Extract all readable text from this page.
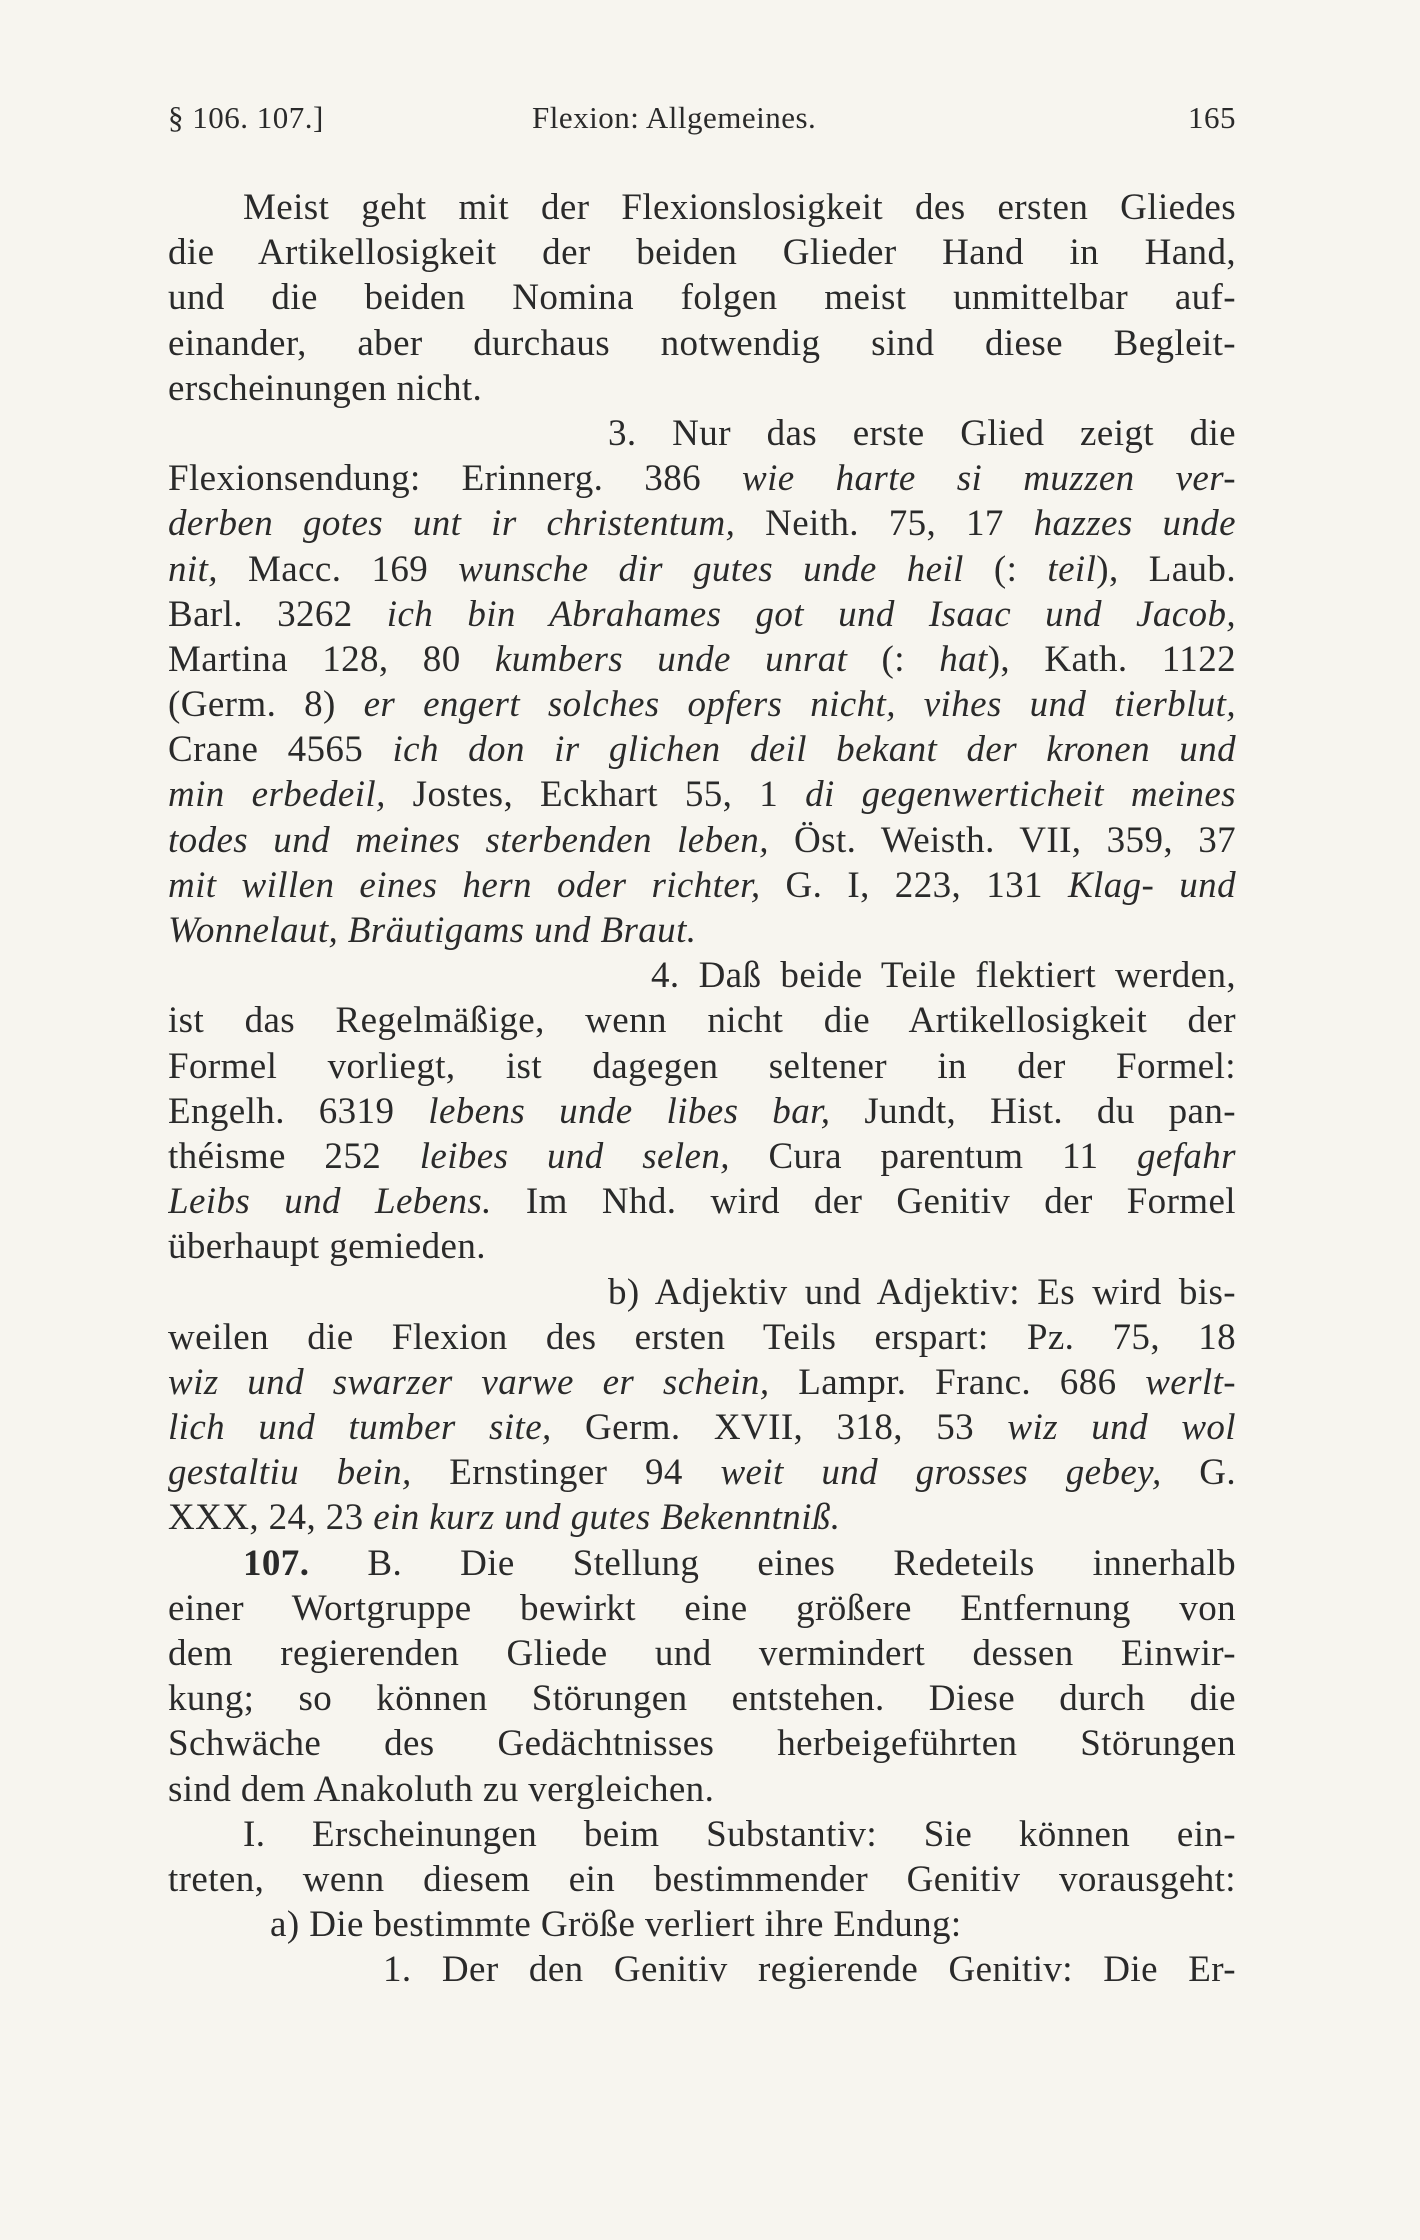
§ 106. 107.]	Flexion: Allgemeines.	165
Meist geht mit der Flexionslosigkeit des ersten Gliedes
die Artikellosigkeit der beiden Glieder Hand in Hand,
und die beiden Nomina folgen meist unmittelbar auf-
einander, aber durchaus notwendig sind diese Begleit-
erscheinungen nicht.
3. Nur das erste Glied zeigt die
Flexionsendung: Erinnerg. 386 wie harte si muzzen ver-
derben gotes unt ir christentum, Neith. 75, 17 hazzes unde
nit, Macc. 169 wunsche dir gutes unde heil (: teil), Laub.
Barl. 3262 ich bin Abrahames got und Isaac und Jacob,
Martina 128, 80 kumbers unde unrat (: hat), Kath. 1122
(Germ. 8) er engert solches opfers nicht, vihes und tierblut,
Crane 4565 ich don ir glichen deil bekant der kronen und
min erbedeil, Jostes, Eckhart 55, 1 di gegenwerticheit meines
todes und meines sterbenden leben, Öst. Weisth. VII, 359, 37
mit willen eines hern oder richter, G. I, 223, 131 Klag- und
Wonnelaut, Bräutigams und Braut.
4. Daß beide Teile flektiert werden,
ist das Regelmäßige, wenn nicht die Artikellosigkeit der
Formel vorliegt, ist dagegen seltener in der Formel:
Engelh. 6319 lebens unde libes bar, Jundt, Hist. du pan-
théisme 252 leibes und selen, Cura parentum 11 gefahr
Leibs und Lebens. Im Nhd. wird der Genitiv der Formel
überhaupt gemieden.
b) Adjektiv und Adjektiv: Es wird bis-
weilen die Flexion des ersten Teils erspart: Pz. 75, 18
wiz und swarzer varwe er schein, Lampr. Franc. 686 werlt-
lich und tumber site, Germ. XVII, 318, 53 wiz und wol
gestaltiu bein, Ernstinger 94 weit und grosses gebey, G.
XXX, 24, 23 ein kurz und gutes Bekenntniß.
107. B. Die Stellung eines Redeteils innerhalb
einer Wortgruppe bewirkt eine größere Entfernung von
dem regierenden Gliede und vermindert dessen Einwir-
kung; so können Störungen entstehen. Diese durch die
Schwäche des Gedächtnisses herbeigeführten Störungen
sind dem Anakoluth zu vergleichen.
I. Erscheinungen beim Substantiv: Sie können ein-
treten, wenn diesem ein bestimmender Genitiv vorausgeht:
a) Die bestimmte Größe verliert ihre Endung:
1. Der den Genitiv regierende Genitiv: Die Er-
